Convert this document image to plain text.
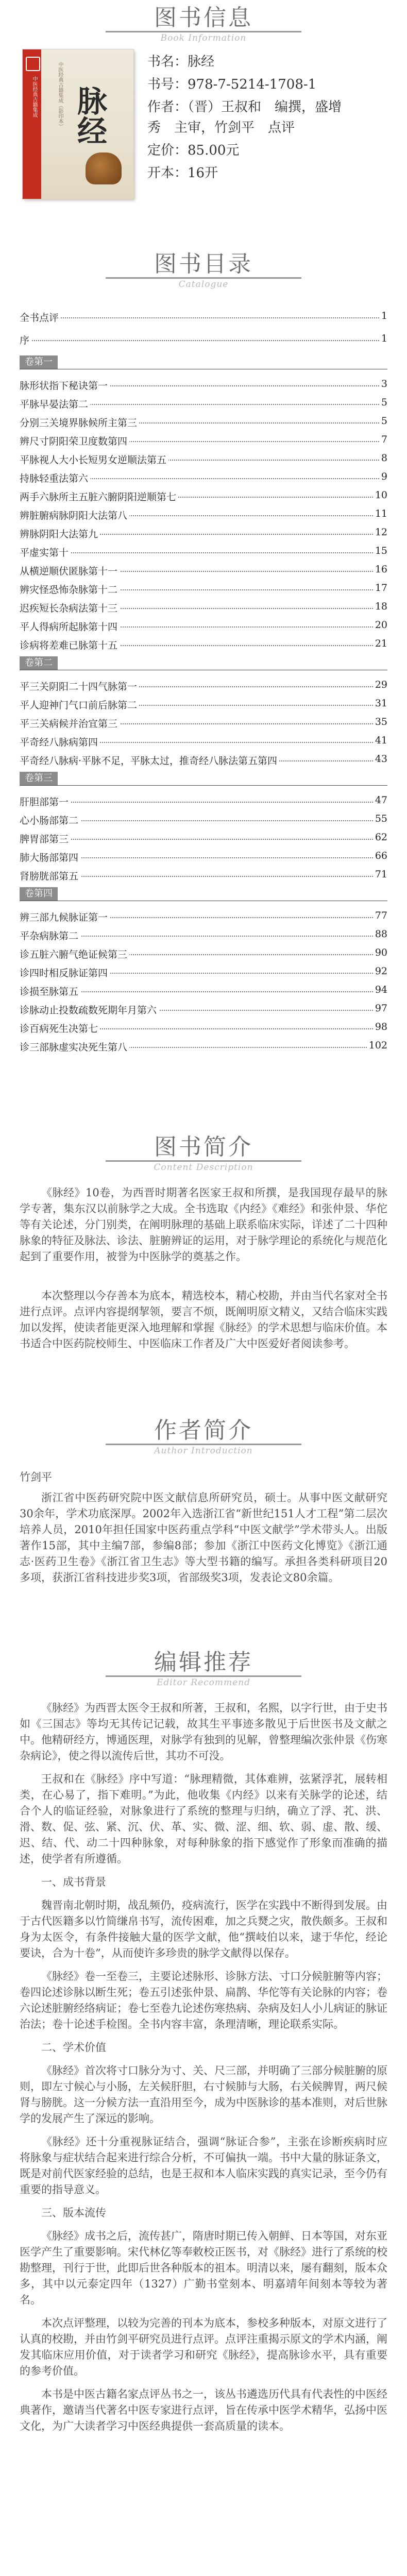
图书信息
Book Information
中医经典古籍集成	中医经典古籍集成（影印本） 脉经
书名：脉经
书号：978-7-5214-1708-1
作者：（晋）王叔和　编撰，盛增
秀　主审，竹剑平　点评
定价：85.00元
开本：16开
图书目录
Catalogue
全书点评	1
序	1
卷第一
脉形状指下秘诀第一	3
平脉早晏法第二	5
分别三关境界脉候所主第三	5
辨尺寸阴阳荣卫度数第四	7
平脉视人大小长短男女逆顺法第五	8
持脉轻重法第六	9
两手六脉所主五脏六腑阴阳逆顺第七	10
辨脏腑病脉阴阳大法第八	11
辨脉阴阳大法第九	12
平虚实第十	15
从横逆顺伏匿脉第十一	16
辨灾怪恐怖杂脉第十二	17
迟疾短长杂病法第十三	18
平人得病所起脉第十四	20
诊病将差难已脉第十五	21
卷第二
平三关阴阳二十四气脉第一	29
平人迎神门气口前后脉第二	31
平三关病候并治宜第三	35
平奇经八脉病第四	41
平奇经八脉病·平脉不足，平脉太过，推奇经八脉法第五第四	43
卷第三
肝胆部第一	47
心小肠部第二	55
脾胃部第三	62
肺大肠部第四	66
肾膀胱部第五	71
卷第四
辨三部九候脉证第一	77
平杂病脉第二	88
诊五脏六腑气绝证候第三	90
诊四时相反脉证第四	92
诊损至脉第五	94
诊脉动止投数疏数死期年月第六	97
诊百病死生决第七	98
诊三部脉虚实决死生第八	102
图书简介
Content Description
《脉经》10卷，为西晋时期著名医家王叔和所撰，是我国现存最早的脉学专著，集东汉以前脉学之大成。全书选取《内经》《难经》和张仲景、华佗等有关论述，分门别类，在阐明脉理的基础上联系临床实际，详述了二十四种脉象的特征及脉法、诊法、脏腑辨证的运用，对于脉学理论的系统化与规范化起到了重要作用，被誉为中医脉学的奠基之作。
本次整理以今存善本为底本，精选校本，精心校勘，并由当代名家对全书进行点评。点评内容提纲挈领，要言不烦，既阐明原文精义，又结合临床实践加以发挥，使读者能更深入地理解和掌握《脉经》的学术思想与临床价值。本书适合中医药院校师生、中医临床工作者及广大中医爱好者阅读参考。
作者简介
Author Introduction
竹剑平
浙江省中医药研究院中医文献信息所研究员，硕士。从事中医文献研究30余年，学术功底深厚。2002年入选浙江省“新世纪151人才工程”第二层次培养人员，2010年担任国家中医药重点学科“中医文献学”学术带头人。出版著作15部，其中主编7部，参编8部；参加《浙江中医药文化博览》《浙江通志·医药卫生卷》《浙江省卫生志》等大型书籍的编写。承担各类科研项目20多项，获浙江省科技进步奖3项，省部级奖3项，发表论文80余篇。
编辑推荐
Editor Recommend
《脉经》为西晋太医令王叔和所著，王叔和，名熙，以字行世，由于史书如《三国志》等均无其传记记载，故其生平事迹多散见于后世医书及文献之中。他精研经方，博通医理，对脉学有独到的见解，曾整理编次张仲景《伤寒杂病论》，使之得以流传后世，其功不可没。
王叔和在《脉经》序中写道：“脉理精微，其体难辨，弦紧浮芤，展转相类，在心易了，指下难明。”为此，他收集《内经》以来有关脉学的论述，结合个人的临证经验，对脉象进行了系统的整理与归纳，确立了浮、芤、洪、滑、数、促、弦、紧、沉、伏、革、实、微、涩、细、软、弱、虚、散、缓、迟、结、代、动二十四种脉象，对每种脉象的指下感觉作了形象而准确的描述，使学者有所遵循。
一、成书背景
魏晋南北朝时期，战乱频仍，疫病流行，医学在实践中不断得到发展。由于古代医籍多以竹简缣帛书写，流传困难，加之兵燹之灾，散佚颇多。王叔和身为太医令，有条件接触大量的医学文献，他“撰岐伯以来，逮于华佗，经论要诀，合为十卷”，从而使许多珍贵的脉学文献得以保存。
《脉经》卷一至卷三，主要论述脉形、诊脉方法、寸口分候脏腑等内容；卷四论述诊脉以断生死；卷五引述张仲景、扁鹊、华佗等有关论脉的内容；卷六论述脏腑经络病证；卷七至卷九论述伤寒热病、杂病及妇人小儿病证的脉证治法；卷十论述手检图。全书内容丰富，条理清晰，理论联系实际。
二、学术价值
《脉经》首次将寸口脉分为寸、关、尺三部，并明确了三部分候脏腑的原则，即左寸候心与小肠，左关候肝胆，右寸候肺与大肠，右关候脾胃，两尺候肾与膀胱。这一分候方法一直沿用至今，成为中医脉诊的基本准则，对后世脉学的发展产生了深远的影响。
《脉经》还十分重视脉证结合，强调“脉证合参”，主张在诊断疾病时应将脉象与症状结合起来进行综合分析，不可偏执一端。书中大量的脉证条文，既是对前代医家经验的总结，也是王叔和本人临床实践的真实记录，至今仍有重要的指导意义。
三、版本流传
《脉经》成书之后，流传甚广，隋唐时期已传入朝鲜、日本等国，对东亚医学产生了重要影响。宋代林亿等奉敕校正医书，对《脉经》进行了系统的校勘整理，刊行于世，此即后世各种版本的祖本。明清以来，屡有翻刻，版本众多，其中以元泰定四年（1327）广勤书堂刻本、明嘉靖年间刻本等较为著名。
本次点评整理，以较为完善的刊本为底本，参校多种版本，对原文进行了认真的校勘，并由竹剑平研究员进行点评。点评注重揭示原文的学术内涵，阐发其临床应用价值，对于读者学习和研究《脉经》，提高脉诊水平，具有重要的参考价值。
本书是中医古籍名家点评丛书之一，该丛书遴选历代具有代表性的中医经典著作，邀请当代著名中医专家进行点评，旨在传承中医学术精华，弘扬中医文化，为广大读者学习中医经典提供一套高质量的读本。
